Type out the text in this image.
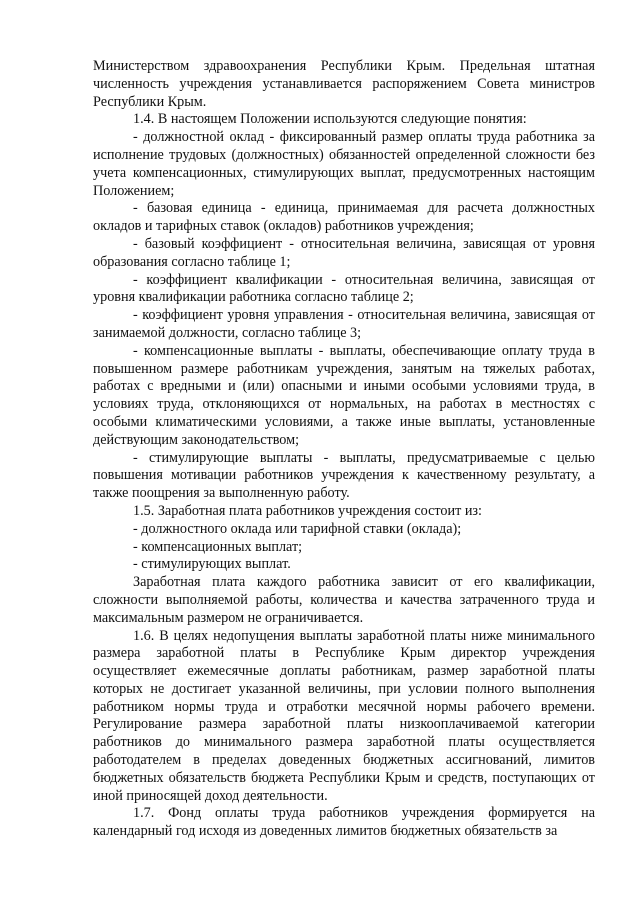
Министерством здравоохранения Республики Крым. Предельная штатная численность учреждения устанавливается распоряжением Совета министров Республики Крым.

1.4. В настоящем Положении используются следующие понятия:

- должностной оклад - фиксированный размер оплаты труда работника за исполнение трудовых (должностных) обязанностей определенной сложности без учета компенсационных, стимулирующих выплат, предусмотренных настоящим Положением;

- базовая единица - единица, принимаемая для расчета должностных окладов и тарифных ставок (окладов) работников учреждения;

- базовый коэффициент - относительная величина, зависящая от уровня образования согласно таблице 1;

- коэффициент квалификации - относительная величина, зависящая от уровня квалификации работника согласно таблице 2;

- коэффициент уровня управления - относительная величина, зависящая от занимаемой должности, согласно таблице 3;

- компенсационные выплаты - выплаты, обеспечивающие оплату труда в повышенном размере работникам учреждения, занятым на тяжелых работах, работах с вредными и (или) опасными и иными особыми условиями труда, в условиях труда, отклоняющихся от нормальных, на работах в местностях с особыми климатическими условиями, а также иные выплаты, установленные действующим законодательством;

- стимулирующие выплаты - выплаты, предусматриваемые с целью повышения мотивации работников учреждения к качественному результату, а также поощрения за выполненную работу.

1.5. Заработная плата работников учреждения состоит из:

- должностного оклада или тарифной ставки (оклада);

- компенсационных выплат;

- стимулирующих выплат.

Заработная плата каждого работника зависит от его квалификации, сложности выполняемой работы, количества и качества затраченного труда и максимальным размером не ограничивается.

1.6. В целях недопущения выплаты заработной платы ниже минимального размера заработной платы в Республике Крым директор учреждения осуществляет ежемесячные доплаты работникам, размер заработной платы которых не достигает указанной величины, при условии полного выполнения работником нормы труда и отработки месячной нормы рабочего времени. Регулирование размера заработной платы низкооплачиваемой категории работников до минимального размера заработной платы осуществляется работодателем в пределах доведенных бюджетных ассигнований, лимитов бюджетных обязательств бюджета Республики Крым и средств, поступающих от иной приносящей доход деятельности.

1.7. Фонд оплаты труда работников учреждения формируется на календарный год исходя из доведенных лимитов бюджетных обязательств за
